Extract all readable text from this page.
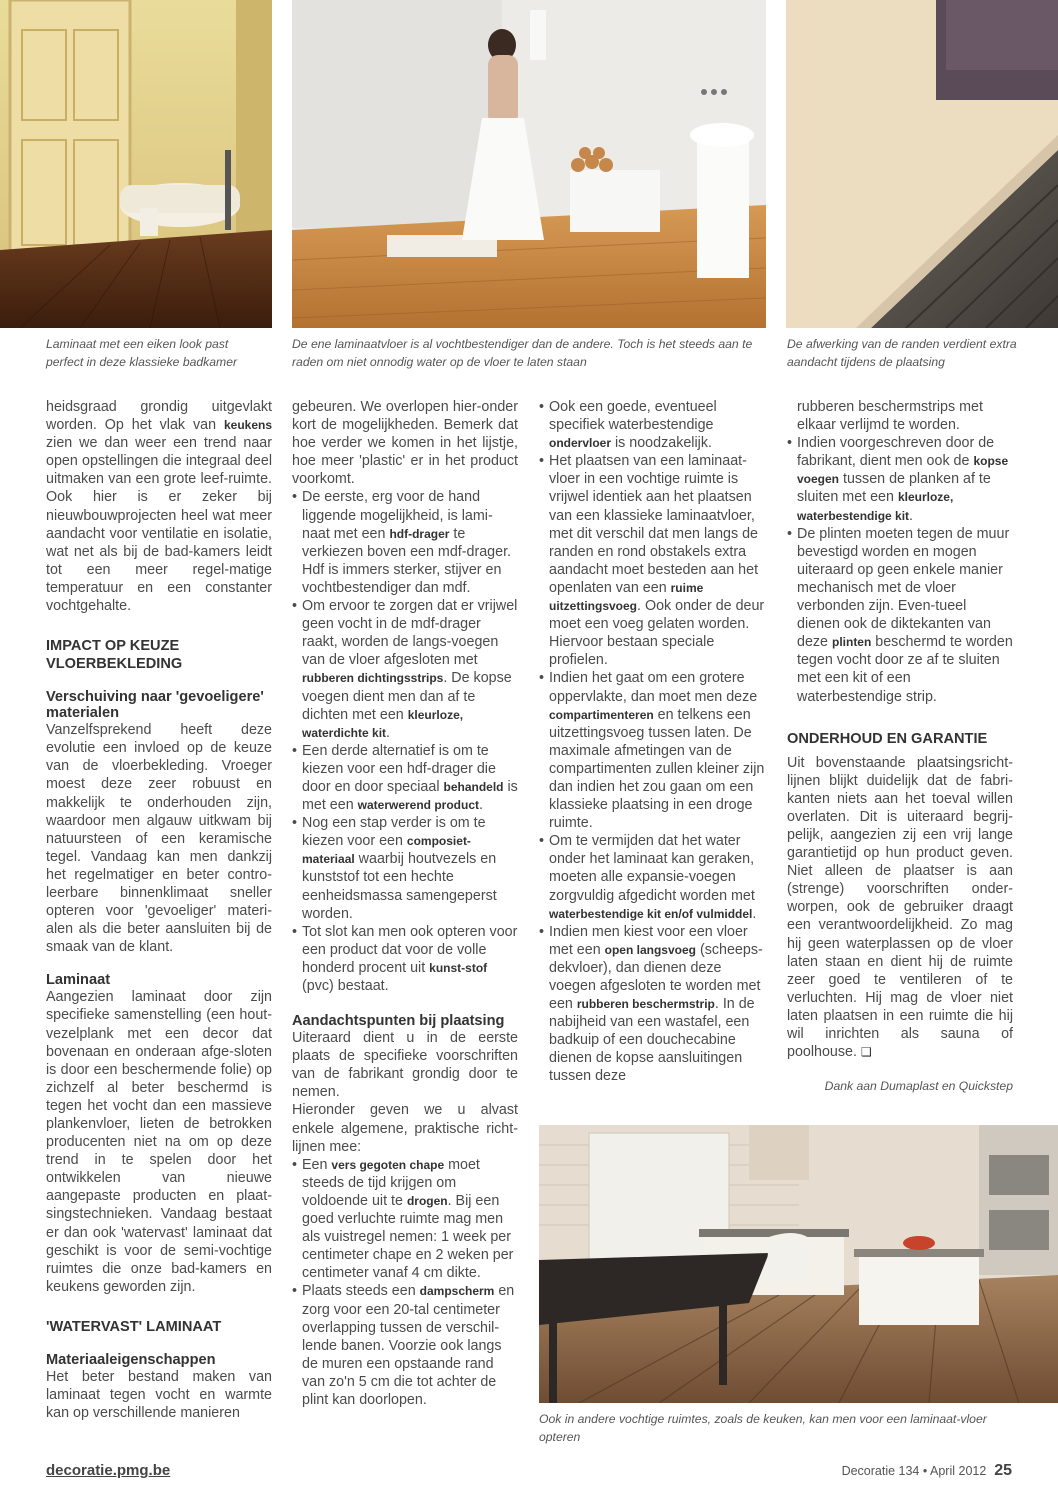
Laminaat met een eiken look past perfect in deze klassieke badkamer
De ene laminaatvloer is al vochtbestendiger dan de andere. Toch is het steeds aan te raden om niet onnodig water op de vloer te laten staan
De afwerking van de randen verdient extra aandacht tijdens de plaatsing
Ook in andere vochtige ruimtes, zoals de keuken, kan men voor een laminaat-vloer opteren

heidsgraad grondig uitgevlakt worden. Op het vlak van keukens zien we dan weer een trend naar open opstellingen die integraal deel uitmaken van een grote leef-ruimte. Ook hier is er zeker bij nieuwbouwprojecten heel wat meer aandacht voor ventilatie en isolatie, wat net als bij de bad-kamers leidt tot een meer regel-matige temperatuur en een constanter vochtgehalte.

IMPACT OP KEUZE VLOERBEKLEDING

Verschuiving naar 'gevoeligere' materialen

Vanzelfsprekend heeft deze evolutie een invloed op de keuze van de vloerbekleding. Vroeger moest deze zeer robuust en makkelijk te onderhouden zijn, waardoor men algauw uitkwam bij natuursteen of een keramische tegel. Vandaag kan men dankzij het regelmatiger en beter contro-leerbare binnenklimaat sneller opteren voor 'gevoeliger' materi-alen als die beter aansluiten bij de smaak van de klant.

Laminaat

Aangezien laminaat door zijn specifieke samenstelling (een hout-vezelplank met een decor dat bovenaan en onderaan afge-sloten is door een beschermende folie) op zichzelf al beter beschermd is tegen het vocht dan een massieve plankenvloer, lieten de betrokken producenten niet na om op deze trend in te spelen door het ontwikkelen van nieuwe aangepaste producten en plaat-singstechnieken. Vandaag bestaat er dan ook 'watervast' laminaat dat geschikt is voor de semi-vochtige ruimtes die onze bad-kamers en keukens geworden zijn.

'WATERVAST' LAMINAAT

Materiaaleigenschappen

Het beter bestand maken van laminaat tegen vocht en warmte kan op verschillende manieren

gebeuren. We overlopen hier-onder kort de mogelijkheden. Bemerk dat hoe verder we komen in het lijstje, hoe meer 'plastic' er in het product voorkomt.

• De eerste, erg voor de hand liggende mogelijkheid, is lami-naat met een hdf-drager te verkiezen boven een mdf-drager. Hdf is immers sterker, stijver en vochtbestendiger dan mdf.
• Om ervoor te zorgen dat er vrijwel geen vocht in de mdf-drager raakt, worden de langs-voegen van de vloer afgesloten met rubberen dichtingsstrips. De kopse voegen dient men dan af te dichten met een kleurloze, waterdichte kit.
• Een derde alternatief is om te kiezen voor een hdf-drager die door en door speciaal behandeld is met een waterwerend product.
• Nog een stap verder is om te kiezen voor een composiet-materiaal waarbij houtvezels en kunststof tot een hechte eenheidsmassa samengeperst worden.
• Tot slot kan men ook opteren voor een product dat voor de volle honderd procent uit kunst-stof (pvc) bestaat.

Aandachtspunten bij plaatsing

Uiteraard dient u in de eerste plaats de specifieke voorschriften van de fabrikant grondig door te nemen.

Hieronder geven we u alvast enkele algemene, praktische richt-lijnen mee:

• Een vers gegoten chape moet steeds de tijd krijgen om voldoende uit te drogen. Bij een goed verluchte ruimte mag men als vuistregel nemen: 1 week per centimeter chape en 2 weken per centimeter vanaf 4 cm dikte.
• Plaats steeds een dampscherm en zorg voor een 20-tal centimeter overlapping tussen de verschil-lende banen. Voorzie ook langs de muren een opstaande rand van zo'n 5 cm die tot achter de plint kan doorlopen.
• Ook een goede, eventueel specifiek waterbestendige ondervloer is noodzakelijk.
• Het plaatsen van een laminaat-vloer in een vochtige ruimte is vrijwel identiek aan het plaatsen van een klassieke laminaatvloer, met dit verschil dat men langs de randen en rond obstakels extra aandacht moet besteden aan het openlaten van een ruime uitzettingsvoeg. Ook onder de deur moet een voeg gelaten worden. Hiervoor bestaan speciale profielen.
• Indien het gaat om een grotere oppervlakte, dan moet men deze compartimenteren en telkens een uitzettingsvoeg tussen laten. De maximale afmetingen van de compartimenten zullen kleiner zijn dan indien het zou gaan om een klassieke plaatsing in een droge ruimte.
• Om te vermijden dat het water onder het laminaat kan geraken, moeten alle expansie-voegen zorgvuldig afgedicht worden met waterbestendige kit en/of vulmiddel.
• Indien men kiest voor een vloer met een open langsvoeg (scheeps-dekvloer), dan dienen deze voegen afgesloten te worden met een rubberen beschermstrip. In de nabijheid van een wastafel, een badkuip of een douchecabine dienen de kopse aansluitingen tussen deze

rubberen beschermstrips met elkaar verlijmd te worden.

• Indien voorgeschreven door de fabrikant, dient men ook de kopse voegen tussen de planken af te sluiten met een kleurloze, waterbestendige kit.
• De plinten moeten tegen de muur bevestigd worden en mogen uiteraard op geen enkele manier mechanisch met de vloer verbonden zijn. Even-tueel dienen ook de diktekanten van deze plinten beschermd te worden tegen vocht door ze af te sluiten met een kit of een waterbestendige strip.

ONDERHOUD EN GARANTIE

Uit bovenstaande plaatsingsricht-lijnen blijkt duidelijk dat de fabri-kanten niets aan het toeval willen overlaten. Dit is uiteraard begrij-pelijk, aangezien zij een vrij lange garantietijd op hun product geven. Niet alleen de plaatser is aan (strenge) voorschriften onder-worpen, ook de gebruiker draagt een verantwoordelijkheid. Zo mag hij geen waterplassen op de vloer laten staan en dient hij de ruimte zeer goed te ventileren of te verluchten. Hij mag de vloer niet laten plaatsen in een ruimte die hij wil inrichten als sauna of poolhouse. ❑

Dank aan Dumaplast en Quickstep

decoratie.pmg.be	Decoratie 134 • April 2012 25
